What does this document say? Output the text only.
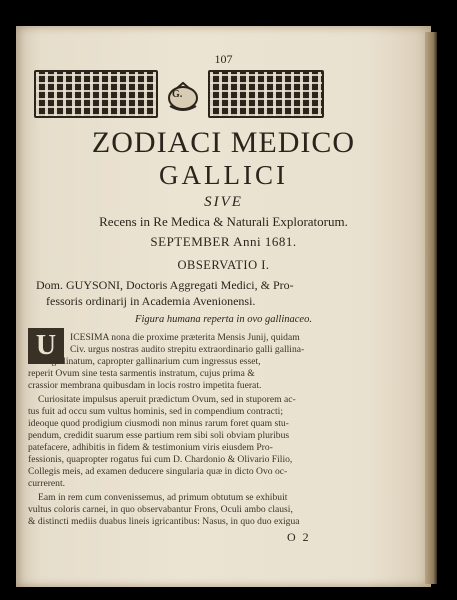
107
G.
ZODIACI MEDICO
GALLICI
SIVE
Recens in Re Medica & Naturali Exploratorum.
SEPTEMBER Anni 1681.
OBSERVATIO I.
Dom. GUYSONI, Doctoris Aggregati Medici, & Pro-
fessoris ordinarij in Academia Avenionensi.
Figura humana reperta in ovo gallinaceo.
U	ICESIMA nona die proxime præterita Mensis Junij, quidam
Civ. urgus nostras audito strepitu extraordinario galli gallina-
cei & gallinatum, capropter gallinarium cum ingressus esset,
reperit Ovum sine testa sarmentis instratum, cujus prima &
crassior membrana quibusdam in locis rostro impetita fuerat.
Curiositate impulsus aperuit prædictum Ovum, sed in stuporem ac-
tus fuit ad occu sum vultus hominis, sed in compendium contracti;
ideoque quod prodigium ciusmodi non minus rarum foret quam stu-
pendum, credidit suarum esse partium rem sibi soli obviam pluribus
patefacere, adhibitis in fidem & testimonium viris eiusdem Pro-
fessionis, quapropter rogatus fui cum D. Chardonio & Olivario Filio,
Collegis meis, ad examen deducere singularia quæ in dicto Ovo oc-
currerent.
Eam in rem cum convenissemus, ad primum obtutum se exhibuit
vultus coloris carnei, in quo observabantur Frons, Oculi ambo clausi,
& distincti mediis duabus lineis igricantibus: Nasus, in quo duo exigua
O 2
